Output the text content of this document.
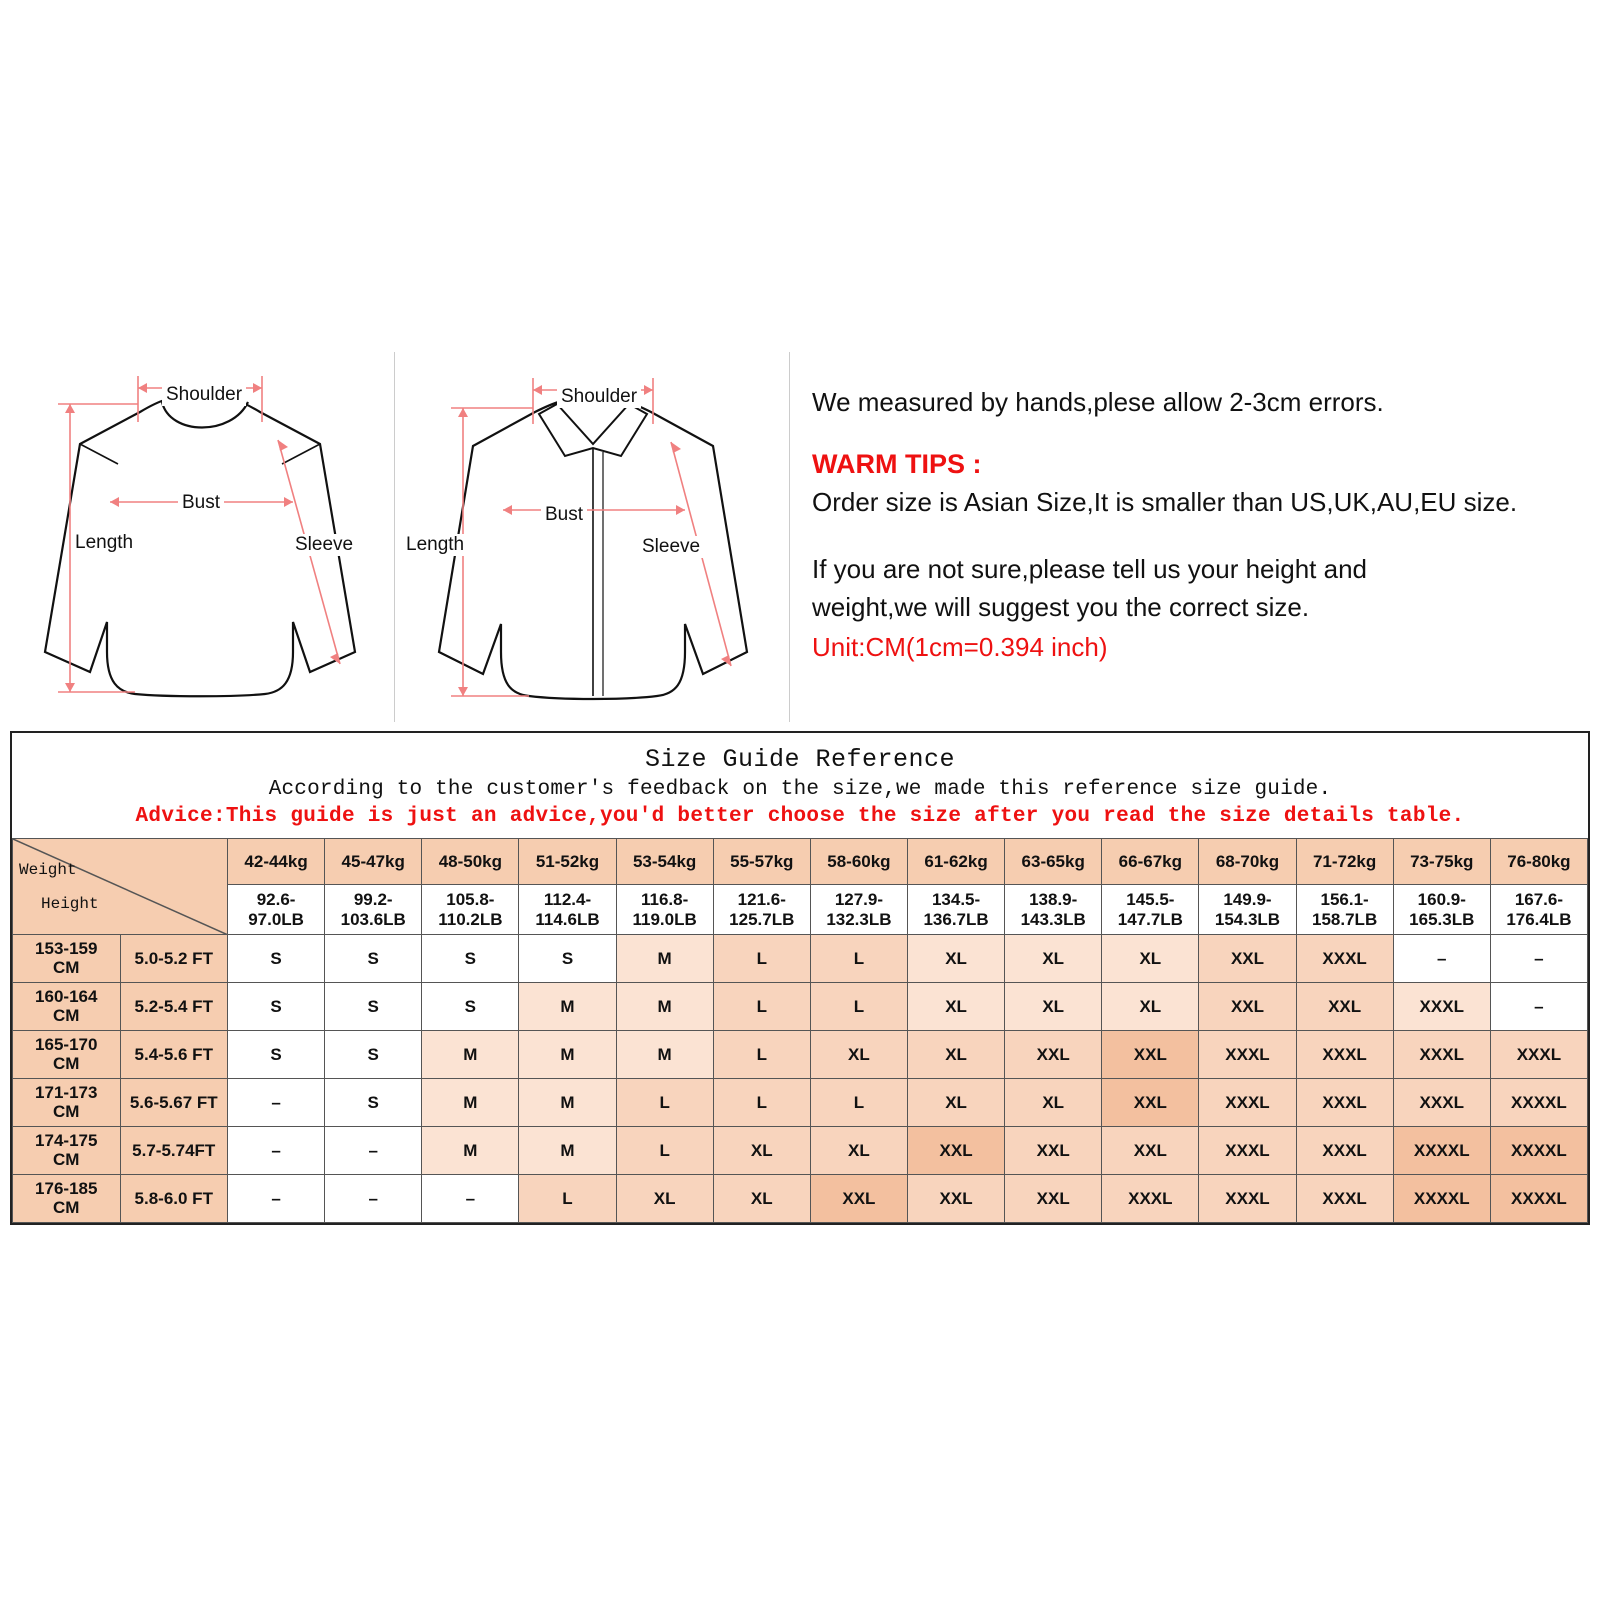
Shoulder
Bust
Length	Sleeve
Shoulder
Bust
Length	Sleeve
We measured by hands,plese allow 2-3cm errors.
WARM TIPS :
Order size is Asian Size,It is smaller than US,UK,AU,EU size.
If you are not sure,please tell us your height and
weight,we will suggest you the correct size.
Unit:CM(1cm=0.394 inch)
Size Guide Reference
According to the customer's feedback on the size,we made this reference size guide.
Advice:This guide is just an advice,you'd better choose the size after you read the size details table.
Weight
Height		42-44kg	45-47kg	48-50kg	51-52kg	53-54kg	55-57kg	58-60kg	61-62kg	63-65kg	66-67kg	68-70kg	71-72kg	73-75kg	76-80kg
		92.6-
97.0LB	99.2-
103.6LB	105.8-
110.2LB	112.4-
114.6LB	116.8-
119.0LB	121.6-
125.7LB	127.9-
132.3LB	134.5-
136.7LB	138.9-
143.3LB	145.5-
147.7LB	149.9-
154.3LB	156.1-
158.7LB	160.9-
165.3LB	167.6-
176.4LB
153-159
CM	5.0-5.2 FT	S	S	S	S	M	L	L	XL	XL	XL	XXL	XXXL	–	–
160-164
CM	5.2-5.4 FT	S	S	S	M	M	L	L	XL	XL	XL	XXL	XXL	XXXL	–
165-170
CM	5.4-5.6 FT	S	S	M	M	M	L	XL	XL	XXL	XXL	XXXL	XXXL	XXXL	XXXL
171-173
CM	5.6-5.67 FT	–	S	M	M	L	L	L	XL	XL	XXL	XXXL	XXXL	XXXL	XXXXL
174-175
CM	5.7-5.74FT	–	–	M	M	L	XL	XL	XXL	XXL	XXL	XXXL	XXXL	XXXXL	XXXXL
176-185
CM	5.8-6.0 FT	–	–	–	L	XL	XL	XXL	XXL	XXL	XXXL	XXXL	XXXL	XXXXL	XXXXL
